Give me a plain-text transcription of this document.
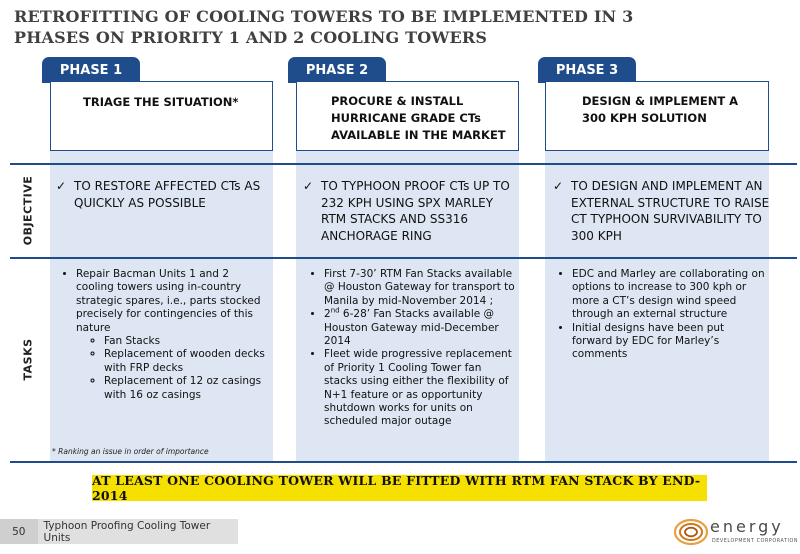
RETROFITTING OF COOLING TOWERS TO BE IMPLEMENTED IN 3
PHASES ON PRIORITY 1 AND 2 COOLING TOWERS
PHASE 1
TRIAGE THE SITUATION*
PHASE 2
PROCURE & INSTALL
HURRICANE GRADE CTs
AVAILABLE IN THE MARKET
PHASE 3
DESIGN & IMPLEMENT A
300 KPH SOLUTION
OBJECTIVE
TASKS
✓ TO RESTORE AFFECTED CTs AS
QUICKLY AS POSSIBLE
✓ TO TYPHOON PROOF CTs UP TO
232 KPH USING SPX MARLEY
RTM STACKS AND SS316
ANCHORAGE RING
✓ TO DESIGN AND IMPLEMENT AN
EXTERNAL STRUCTURE TO RAISE
CT TYPHOON SURVIVABILITY TO
300 KPH
• Repair Bacman Units 1 and 2 cooling towers using in-country strategic spares, i.e., parts stocked precisely for contingencies of this nature
◦ Fan Stacks
◦ Replacement of wooden decks with FRP decks
◦ Replacement of 12 oz casings with 16 oz casings
• First 7-30’ RTM Fan Stacks available @ Houston Gateway for transport to Manila by mid-November 2014 ;
• 2nd 6-28’ Fan Stacks available @ Houston Gateway mid-December 2014
• Fleet wide progressive replacement of Priority 1 Cooling Tower fan stacks using either the flexibility of N+1 feature or as opportunity shutdown works for units on scheduled major outage
• EDC and Marley are collaborating on options to increase to 300 kph or more a CT’s design wind speed through an external structure
• Initial designs have been put forward by EDC for Marley’s comments
* Ranking an issue in order of importance
AT LEAST ONE COOLING TOWER WILL BE FITTED WITH RTM FAN STACK BY END-2014
50	Typhoon Proofing Cooling Tower Units
energy
DEVELOPMENT CORPORATION
